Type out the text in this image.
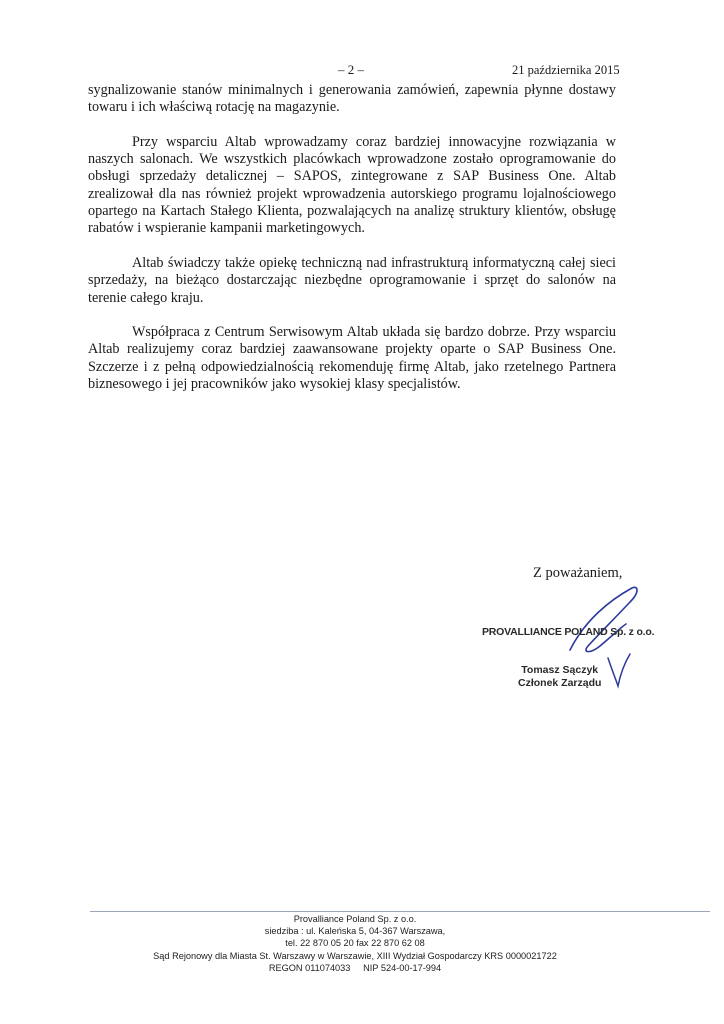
– 2 –	21 października 2015

sygnalizowanie stanów minimalnych i generowania zamówień, zapewnia płynne dostawy towaru i ich właściwą rotację na magazynie.

Przy wsparciu Altab wprowadzamy coraz bardziej innowacyjne rozwiązania w naszych salonach. We wszystkich placówkach wprowadzone zostało oprogramowanie do obsługi sprzedaży detalicznej – SAPOS, zintegrowane z SAP Business One. Altab zrealizował dla nas również projekt wprowadzenia autorskiego programu lojalnościowego opartego na Kartach Stałego Klienta, pozwalających na analizę struktury klientów, obsługę rabatów i wspieranie kampanii marketingowych.

Altab świadczy także opiekę techniczną nad infrastrukturą informatyczną całej sieci sprzedaży, na bieżąco dostarczając niezbędne oprogramowanie i sprzęt do salonów na terenie całego kraju.

Współpraca z Centrum Serwisowym Altab układa się bardzo dobrze. Przy wsparciu Altab realizujemy coraz bardziej zaawansowane projekty oparte o SAP Business One. Szczerze i z pełną odpowiedzialnością rekomenduję firmę Altab, jako rzetelnego Partnera biznesowego i jej pracowników jako wysokiej klasy specjalistów.

Z poważaniem,
PROVALLIANCE POLAND Sp. z o.o.
Tomasz Sączyk
Członek Zarządu
Provalliance Poland Sp. z o.o.
siedziba : ul. Kaleńska 5, 04-367 Warszawa,
tel. 22 870 05 20 fax 22 870 62 08
Sąd Rejonowy dla Miasta St. Warszawy w Warszawie, XIII Wydział Gospodarczy KRS 0000021722
REGON 011074033     NIP 524-00-17-994
